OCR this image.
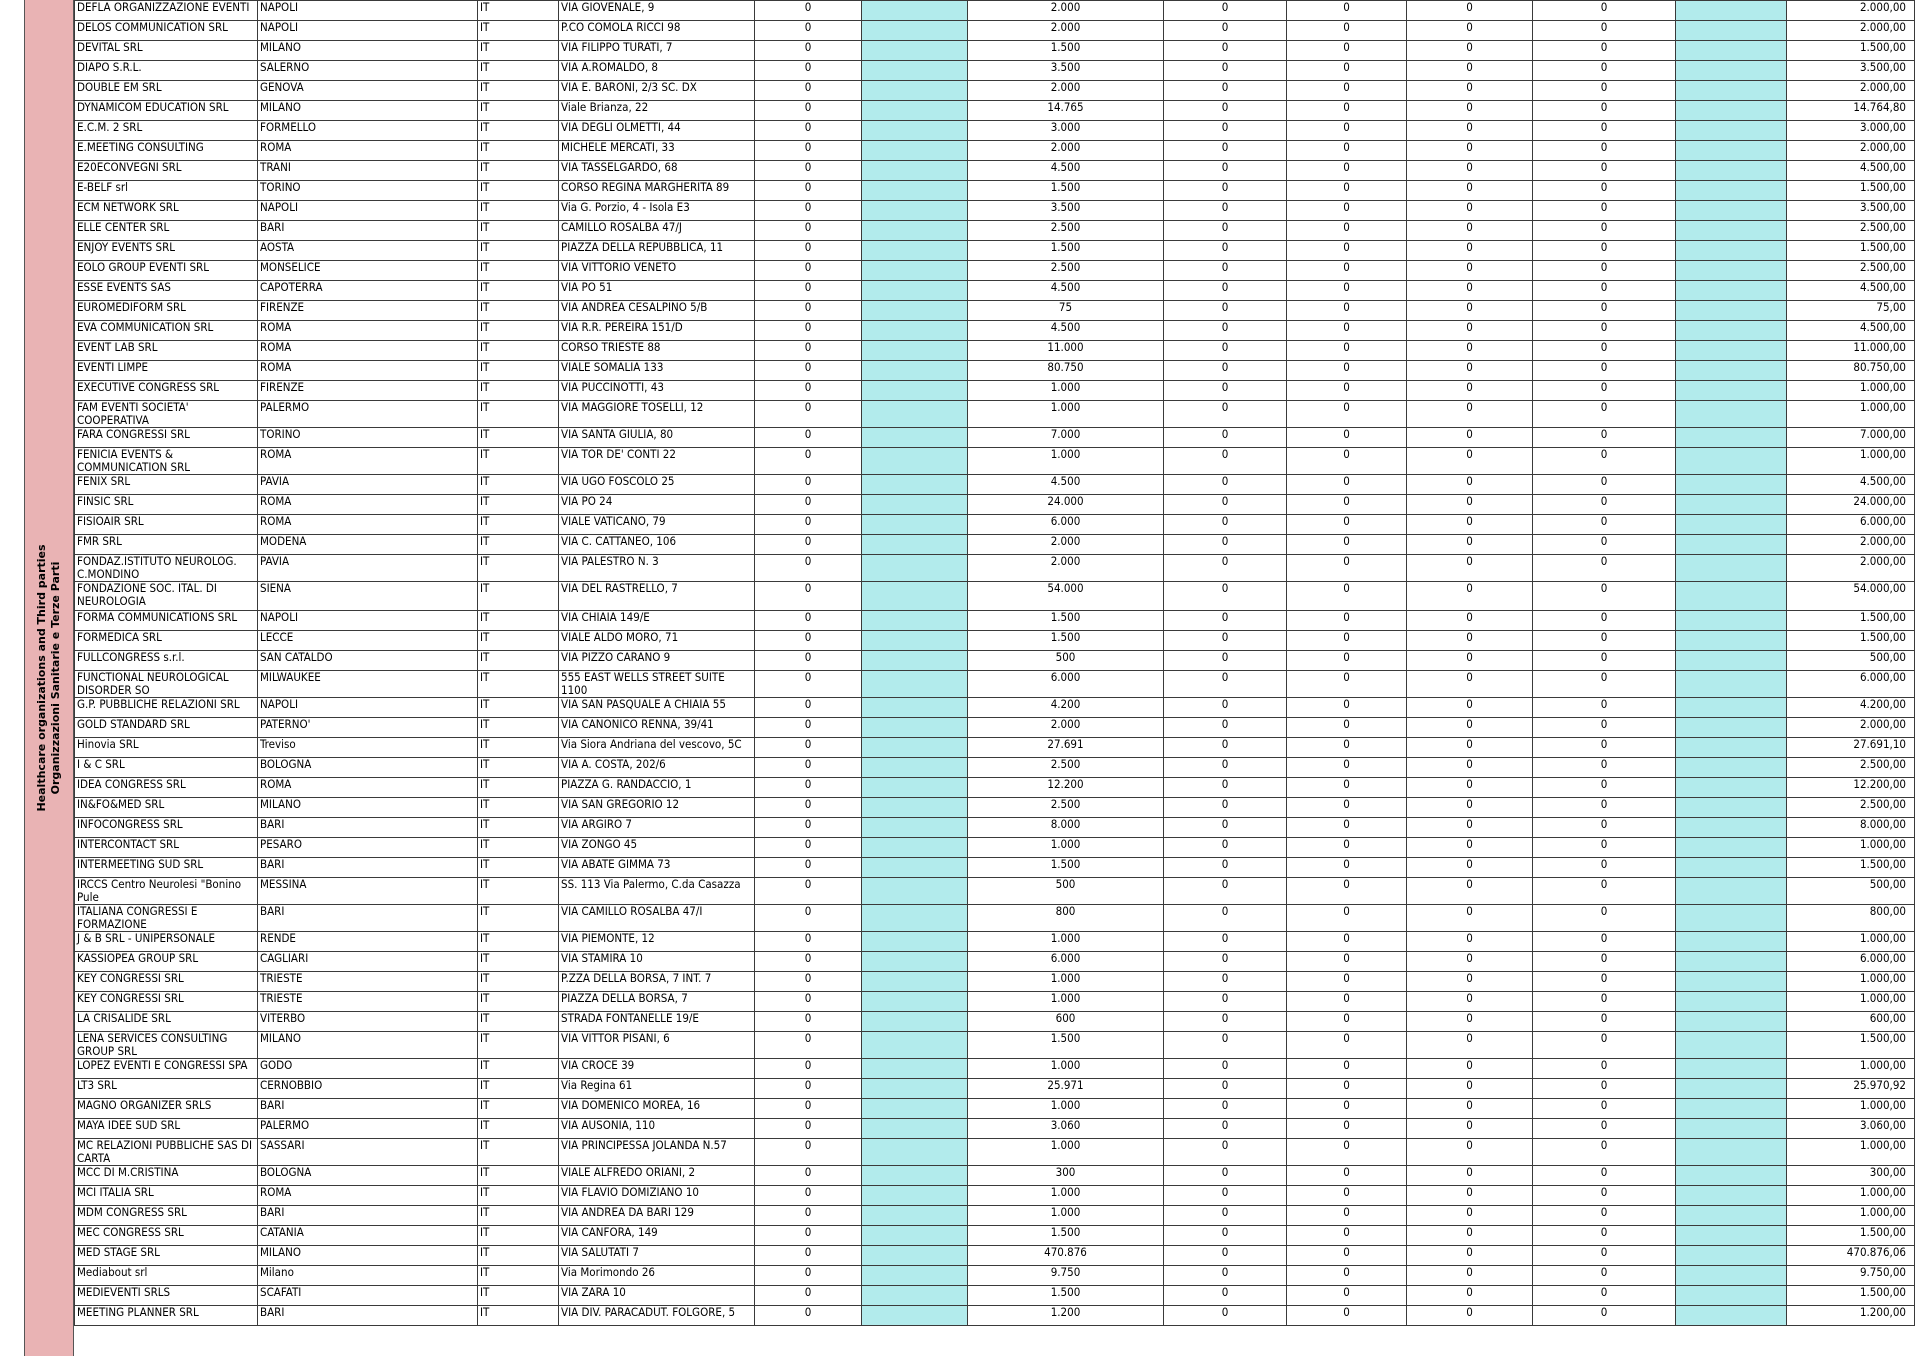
Healthcare organizations and Third parties Organizzazioni Sanitarie e Terze Parti
DEFLA ORGANIZZAZIONE EVENTI	NAPOLI	IT	VIA GIOVENALE, 9	0		2.000	0	0	0	0		2.000,00
DELOS COMMUNICATION SRL	NAPOLI	IT	P.CO COMOLA RICCI 98	0		2.000	0	0	0	0		2.000,00
DEVITAL SRL	MILANO	IT	VIA FILIPPO TURATI, 7	0		1.500	0	0	0	0		1.500,00
DIAPO S.R.L.	SALERNO	IT	VIA A.ROMALDO, 8	0		3.500	0	0	0	0		3.500,00
DOUBLE EM SRL	GENOVA	IT	VIA E. BARONI, 2/3 SC. DX	0		2.000	0	0	0	0		2.000,00
DYNAMICOM EDUCATION SRL	MILANO	IT	Viale Brianza, 22	0		14.765	0	0	0	0		14.764,80
E.C.M. 2 SRL	FORMELLO	IT	VIA DEGLI OLMETTI, 44	0		3.000	0	0	0	0		3.000,00
E.MEETING CONSULTING	ROMA	IT	MICHELE MERCATI, 33	0		2.000	0	0	0	0		2.000,00
E20ECONVEGNI SRL	TRANI	IT	VIA TASSELGARDO, 68	0		4.500	0	0	0	0		4.500,00
E-BELF srl	TORINO	IT	CORSO REGINA MARGHERITA 89	0		1.500	0	0	0	0		1.500,00
ECM NETWORK SRL	NAPOLI	IT	Via G. Porzio, 4 - Isola E3	0		3.500	0	0	0	0		3.500,00
ELLE CENTER SRL	BARI	IT	CAMILLO ROSALBA 47/J	0		2.500	0	0	0	0		2.500,00
ENJOY EVENTS SRL	AOSTA	IT	PIAZZA DELLA REPUBBLICA, 11	0		1.500	0	0	0	0		1.500,00
EOLO GROUP EVENTI SRL	MONSELICE	IT	VIA VITTORIO VENETO	0		2.500	0	0	0	0		2.500,00
ESSE EVENTS SAS	CAPOTERRA	IT	VIA PO 51	0		4.500	0	0	0	0		4.500,00
EUROMEDIFORM SRL	FIRENZE	IT	VIA ANDREA CESALPINO 5/B	0		75	0	0	0	0		75,00
EVA COMMUNICATION SRL	ROMA	IT	VIA R.R. PEREIRA 151/D	0		4.500	0	0	0	0		4.500,00
EVENT LAB SRL	ROMA	IT	CORSO TRIESTE 88	0		11.000	0	0	0	0		11.000,00
EVENTI LIMPE	ROMA	IT	VIALE SOMALIA 133	0		80.750	0	0	0	0		80.750,00
EXECUTIVE CONGRESS SRL	FIRENZE	IT	VIA PUCCINOTTI, 43	0		1.000	0	0	0	0		1.000,00
FAM EVENTI SOCIETA' COOPERATIVA	PALERMO	IT	VIA MAGGIORE TOSELLI, 12	0		1.000	0	0	0	0		1.000,00
FARA CONGRESSI SRL	TORINO	IT	VIA SANTA GIULIA, 80	0		7.000	0	0	0	0		7.000,00
FENICIA EVENTS & COMMUNICATION SRL	ROMA	IT	VIA TOR DE' CONTI 22	0		1.000	0	0	0	0		1.000,00
FENIX SRL	PAVIA	IT	VIA UGO FOSCOLO 25	0		4.500	0	0	0	0		4.500,00
FINSIC SRL	ROMA	IT	VIA PO 24	0		24.000	0	0	0	0		24.000,00
FISIOAIR SRL	ROMA	IT	VIALE VATICANO, 79	0		6.000	0	0	0	0		6.000,00
FMR SRL	MODENA	IT	VIA C. CATTANEO, 106	0		2.000	0	0	0	0		2.000,00
FONDAZ.ISTITUTO NEUROLOG. C.MONDINO	PAVIA	IT	VIA PALESTRO N. 3	0		2.000	0	0	0	0		2.000,00
FONDAZIONE SOC. ITAL. DI NEUROLOGIA	SIENA	IT	VIA DEL RASTRELLO, 7	0		54.000	0	0	0	0		54.000,00
FORMA COMMUNICATIONS SRL	NAPOLI	IT	VIA CHIAIA 149/E	0		1.500	0	0	0	0		1.500,00
FORMEDICA SRL	LECCE	IT	VIALE ALDO MORO, 71	0		1.500	0	0	0	0		1.500,00
FULLCONGRESS s.r.l.	SAN CATALDO	IT	VIA PIZZO CARANO 9	0		500	0	0	0	0		500,00
FUNCTIONAL NEUROLOGICAL DISORDER SO	MILWAUKEE	IT	555 EAST WELLS STREET SUITE 1100	0		6.000	0	0	0	0		6.000,00
G.P. PUBBLICHE RELAZIONI SRL	NAPOLI	IT	VIA SAN PASQUALE A CHIAIA 55	0		4.200	0	0	0	0		4.200,00
GOLD STANDARD SRL	PATERNO'	IT	VIA CANONICO RENNA, 39/41	0		2.000	0	0	0	0		2.000,00
Hinovia SRL	Treviso	IT	Via Siora Andriana del vescovo, 5C	0		27.691	0	0	0	0		27.691,10
I & C SRL	BOLOGNA	IT	VIA A. COSTA, 202/6	0		2.500	0	0	0	0		2.500,00
IDEA CONGRESS SRL	ROMA	IT	PIAZZA G. RANDACCIO, 1	0		12.200	0	0	0	0		12.200,00
IN&FO&MED SRL	MILANO	IT	VIA SAN GREGORIO 12	0		2.500	0	0	0	0		2.500,00
INFOCONGRESS SRL	BARI	IT	VIA ARGIRO 7	0		8.000	0	0	0	0		8.000,00
INTERCONTACT SRL	PESARO	IT	VIA ZONGO 45	0		1.000	0	0	0	0		1.000,00
INTERMEETING SUD SRL	BARI	IT	VIA ABATE GIMMA 73	0		1.500	0	0	0	0		1.500,00
IRCCS Centro Neurolesi "Bonino Pule	MESSINA	IT	SS. 113 Via Palermo, C.da Casazza	0		500	0	0	0	0		500,00
ITALIANA CONGRESSI E FORMAZIONE	BARI	IT	VIA CAMILLO ROSALBA 47/I	0		800	0	0	0	0		800,00
J & B SRL - UNIPERSONALE	RENDE	IT	VIA PIEMONTE, 12	0		1.000	0	0	0	0		1.000,00
KASSIOPEA GROUP SRL	CAGLIARI	IT	VIA STAMIRA 10	0		6.000	0	0	0	0		6.000,00
KEY CONGRESSI SRL	TRIESTE	IT	P.ZZA DELLA BORSA, 7 INT. 7	0		1.000	0	0	0	0		1.000,00
KEY CONGRESSI SRL	TRIESTE	IT	PIAZZA DELLA BORSA, 7	0		1.000	0	0	0	0		1.000,00
LA CRISALIDE SRL	VITERBO	IT	STRADA FONTANELLE 19/E	0		600	0	0	0	0		600,00
LENA SERVICES CONSULTING GROUP SRL	MILANO	IT	VIA VITTOR PISANI, 6	0		1.500	0	0	0	0		1.500,00
LOPEZ EVENTI E CONGRESSI SPA	GODO	IT	VIA CROCE 39	0		1.000	0	0	0	0		1.000,00
LT3 SRL	CERNOBBIO	IT	Via Regina 61	0		25.971	0	0	0	0		25.970,92
MAGNO ORGANIZER SRLS	BARI	IT	VIA DOMENICO MOREA, 16	0		1.000	0	0	0	0		1.000,00
MAYA IDEE SUD SRL	PALERMO	IT	VIA AUSONIA, 110	0		3.060	0	0	0	0		3.060,00
MC RELAZIONI PUBBLICHE SAS DI CARTA	SASSARI	IT	VIA PRINCIPESSA JOLANDA N.57	0		1.000	0	0	0	0		1.000,00
MCC DI M.CRISTINA	BOLOGNA	IT	VIALE ALFREDO ORIANI, 2	0		300	0	0	0	0		300,00
MCI ITALIA SRL	ROMA	IT	VIA FLAVIO DOMIZIANO 10	0		1.000	0	0	0	0		1.000,00
MDM CONGRESS SRL	BARI	IT	VIA ANDREA DA BARI 129	0		1.000	0	0	0	0		1.000,00
MEC CONGRESS SRL	CATANIA	IT	VIA CANFORA, 149	0		1.500	0	0	0	0		1.500,00
MED STAGE SRL	MILANO	IT	VIA SALUTATI 7	0		470.876	0	0	0	0		470.876,06
Mediabout srl	Milano	IT	Via Morimondo 26	0		9.750	0	0	0	0		9.750,00
MEDIEVENTI SRLS	SCAFATI	IT	VIA ZARA 10	0		1.500	0	0	0	0		1.500,00
MEETING PLANNER SRL	BARI	IT	VIA DIV. PARACADUT. FOLGORE, 5	0		1.200	0	0	0	0		1.200,00
